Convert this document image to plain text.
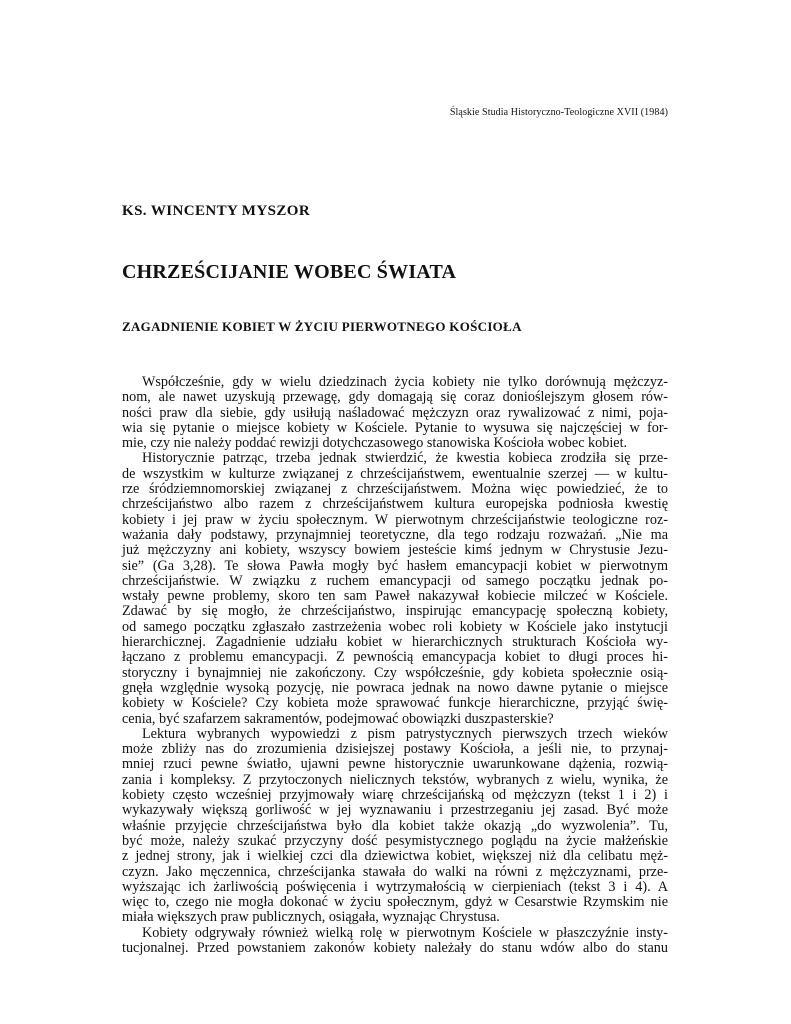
Śląskie Studia Historyczno-Teologiczne XVII (1984)
KS. WINCENTY MYSZOR
CHRZEŚCIJANIE WOBEC ŚWIATA
ZAGADNIENIE KOBIET W ŻYCIU PIERWOTNEGO KOŚCIOŁA
Współcześnie, gdy w wielu dziedzinach życia kobiety nie tylko dorównują mężczyz-
nom, ale nawet uzyskują przewagę, gdy domagają się coraz donioślejszym głosem rów-
ności praw dla siebie, gdy usiłują naśladować mężczyzn oraz rywalizować z nimi, poja-
wia się pytanie o miejsce kobiety w Kościele. Pytanie to wysuwa się najczęściej w for-
mie, czy nie należy poddać rewizji dotychczasowego stanowiska Kościoła wobec kobiet.
Historycznie patrząc, trzeba jednak stwierdzić, że kwestia kobieca zrodziła się prze-
de wszystkim w kulturze związanej z chrześcijaństwem, ewentualnie szerzej — w kultu-
rze śródziemnomorskiej związanej z chrześcijaństwem. Można więc powiedzieć, że to
chrześcijaństwo albo razem z chrześcijaństwem kultura europejska podniosła kwestię
kobiety i jej praw w życiu społecznym. W pierwotnym chrześcijaństwie teologiczne roz-
ważania dały podstawy, przynajmniej teoretyczne, dla tego rodzaju rozważań. „Nie ma
już mężczyzny ani kobiety, wszyscy bowiem jesteście kimś jednym w Chrystusie Jezu-
sie” (Ga 3,28). Te słowa Pawła mogły być hasłem emancypacji kobiet w pierwotnym
chrześcijaństwie. W związku z ruchem emancypacji od samego początku jednak po-
wstały pewne problemy, skoro ten sam Paweł nakazywał kobiecie milczeć w Kościele.
Zdawać by się mogło, że chrześcijaństwo, inspirując emancypację społeczną kobiety,
od samego początku zgłaszało zastrzeżenia wobec roli kobiety w Kościele jako instytucji
hierarchicznej. Zagadnienie udziału kobiet w hierarchicznych strukturach Kościoła wy-
łączano z problemu emancypacji. Z pewnością emancypacja kobiet to długi proces hi-
storyczny i bynajmniej nie zakończony. Czy współcześnie, gdy kobieta społecznie osią-
gnęła względnie wysoką pozycję, nie powraca jednak na nowo dawne pytanie o miejsce
kobiety w Kościele? Czy kobieta może sprawować funkcje hierarchiczne, przyjąć świę-
cenia, być szafarzem sakramentów, podejmować obowiązki duszpasterskie?
Lektura wybranych wypowiedzi z pism patrystycznych pierwszych trzech wieków
może zbliży nas do zrozumienia dzisiejszej postawy Kościoła, a jeśli nie, to przynaj-
mniej rzuci pewne światło, ujawni pewne historycznie uwarunkowane dążenia, rozwią-
zania i kompleksy. Z przytoczonych nielicznych tekstów, wybranych z wielu, wynika, że
kobiety często wcześniej przyjmowały wiarę chrześcijańską od mężczyzn (tekst 1 i 2) i
wykazywały większą gorliwość w jej wyznawaniu i przestrzeganiu jej zasad. Być może
właśnie przyjęcie chrześcijaństwa było dla kobiet także okazją „do wyzwolenia”. Tu,
być może, należy szukać przyczyny dość pesymistycznego poglądu na życie małżeńskie
z jednej strony, jak i wielkiej czci dla dziewictwa kobiet, większej niż dla celibatu męż-
czyzn. Jako męczennica, chrześcijanka stawała do walki na równi z mężczyznami, prze-
wyższając ich żarliwością poświęcenia i wytrzymałością w cierpieniach (tekst 3 i 4). A
więc to, czego nie mogła dokonać w życiu społecznym, gdyż w Cesarstwie Rzymskim nie
miała większych praw publicznych, osiągała, wyznając Chrystusa.
Kobiety odgrywały również wielką rolę w pierwotnym Kościele w płaszczyźnie insty-
tucjonalnej. Przed powstaniem zakonów kobiety należały do stanu wdów albo do stanu
